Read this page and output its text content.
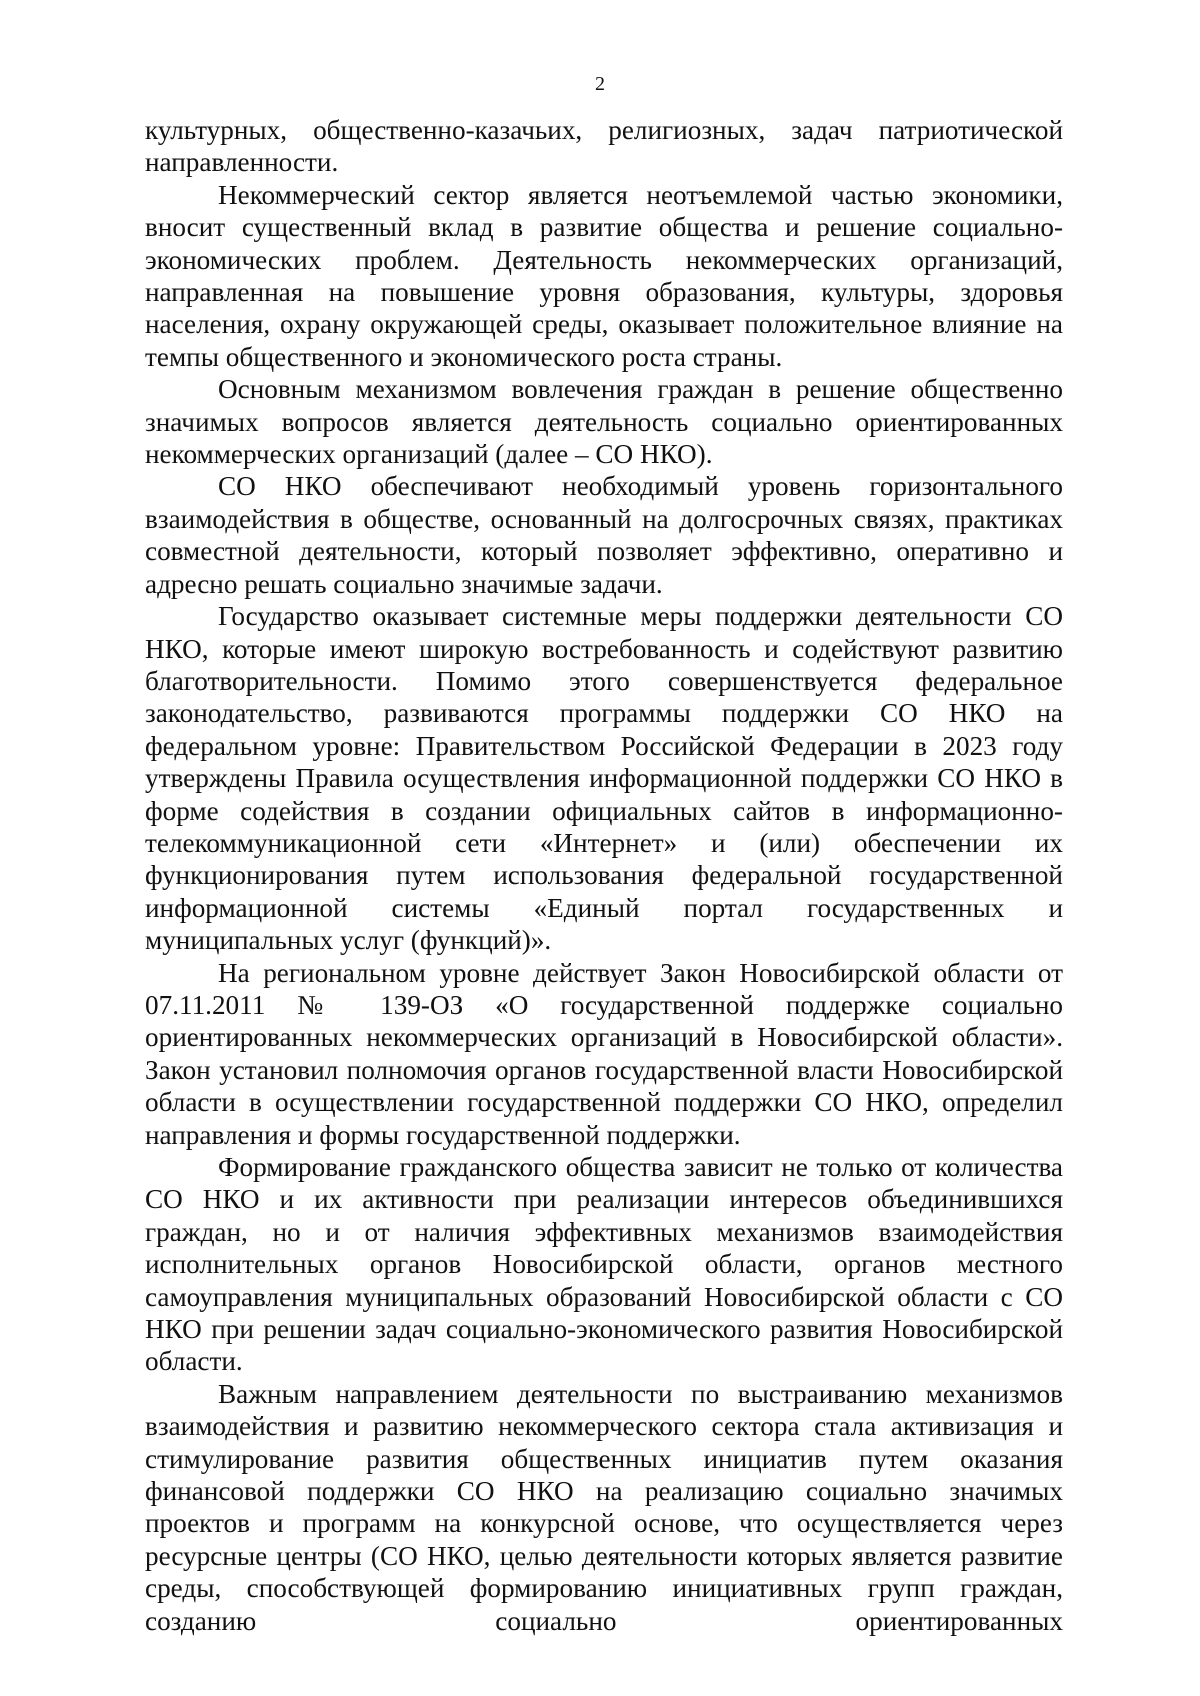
2

культурных, общественно-казачьих, религиозных, задач патриотической направленности.

Некоммерческий сектор является неотъемлемой частью экономики, вносит существенный вклад в развитие общества и решение социально-экономических проблем. Деятельность некоммерческих организаций, направленная на повышение уровня образования, культуры, здоровья населения, охрану окружающей среды, оказывает положительное влияние на темпы общественного и экономического роста страны.

Основным механизмом вовлечения граждан в решение общественно значимых вопросов является деятельность социально ориентированных некоммерческих организаций (далее – СО НКО).

СО НКО обеспечивают необходимый уровень горизонтального взаимодействия в обществе, основанный на долгосрочных связях, практиках совместной деятельности, который позволяет эффективно, оперативно и адресно решать социально значимые задачи.

Государство оказывает системные меры поддержки деятельности СО НКО, которые имеют широкую востребованность и содействуют развитию благотворительности. Помимо этого совершенствуется федеральное законодательство, развиваются программы поддержки СО НКО на федеральном уровне: Правительством Российской Федерации в 2023 году утверждены Правила осуществления информационной поддержки СО НКО в форме содействия в создании официальных сайтов в информационно-телекоммуникационной сети «Интернет» и (или) обеспечении их функционирования путем использования федеральной государственной информационной системы «Единый портал государственных и муниципальных услуг (функций)».

На региональном уровне действует Закон Новосибирской области от 07.11.2011 № 139-ОЗ «О государственной поддержке социально ориентированных некоммерческих организаций в Новосибирской области». Закон установил полномочия органов государственной власти Новосибирской области в осуществлении государственной поддержки СО НКО, определил направления и формы государственной поддержки.

Формирование гражданского общества зависит не только от количества СО НКО и их активности при реализации интересов объединившихся граждан, но и от наличия эффективных механизмов взаимодействия исполнительных органов Новосибирской области, органов местного самоуправления муниципальных образований Новосибирской области с СО НКО при решении задач социально-экономического развития Новосибирской области.

Важным направлением деятельности по выстраиванию механизмов взаимодействия и развитию некоммерческого сектора стала активизация и стимулирование развития общественных инициатив путем оказания финансовой поддержки СО НКО на реализацию социально значимых проектов и программ на конкурсной основе, что осуществляется через ресурсные центры (СО НКО, целью деятельности которых является развитие среды, способствующей формированию инициативных групп граждан, созданию социально ориентированных
